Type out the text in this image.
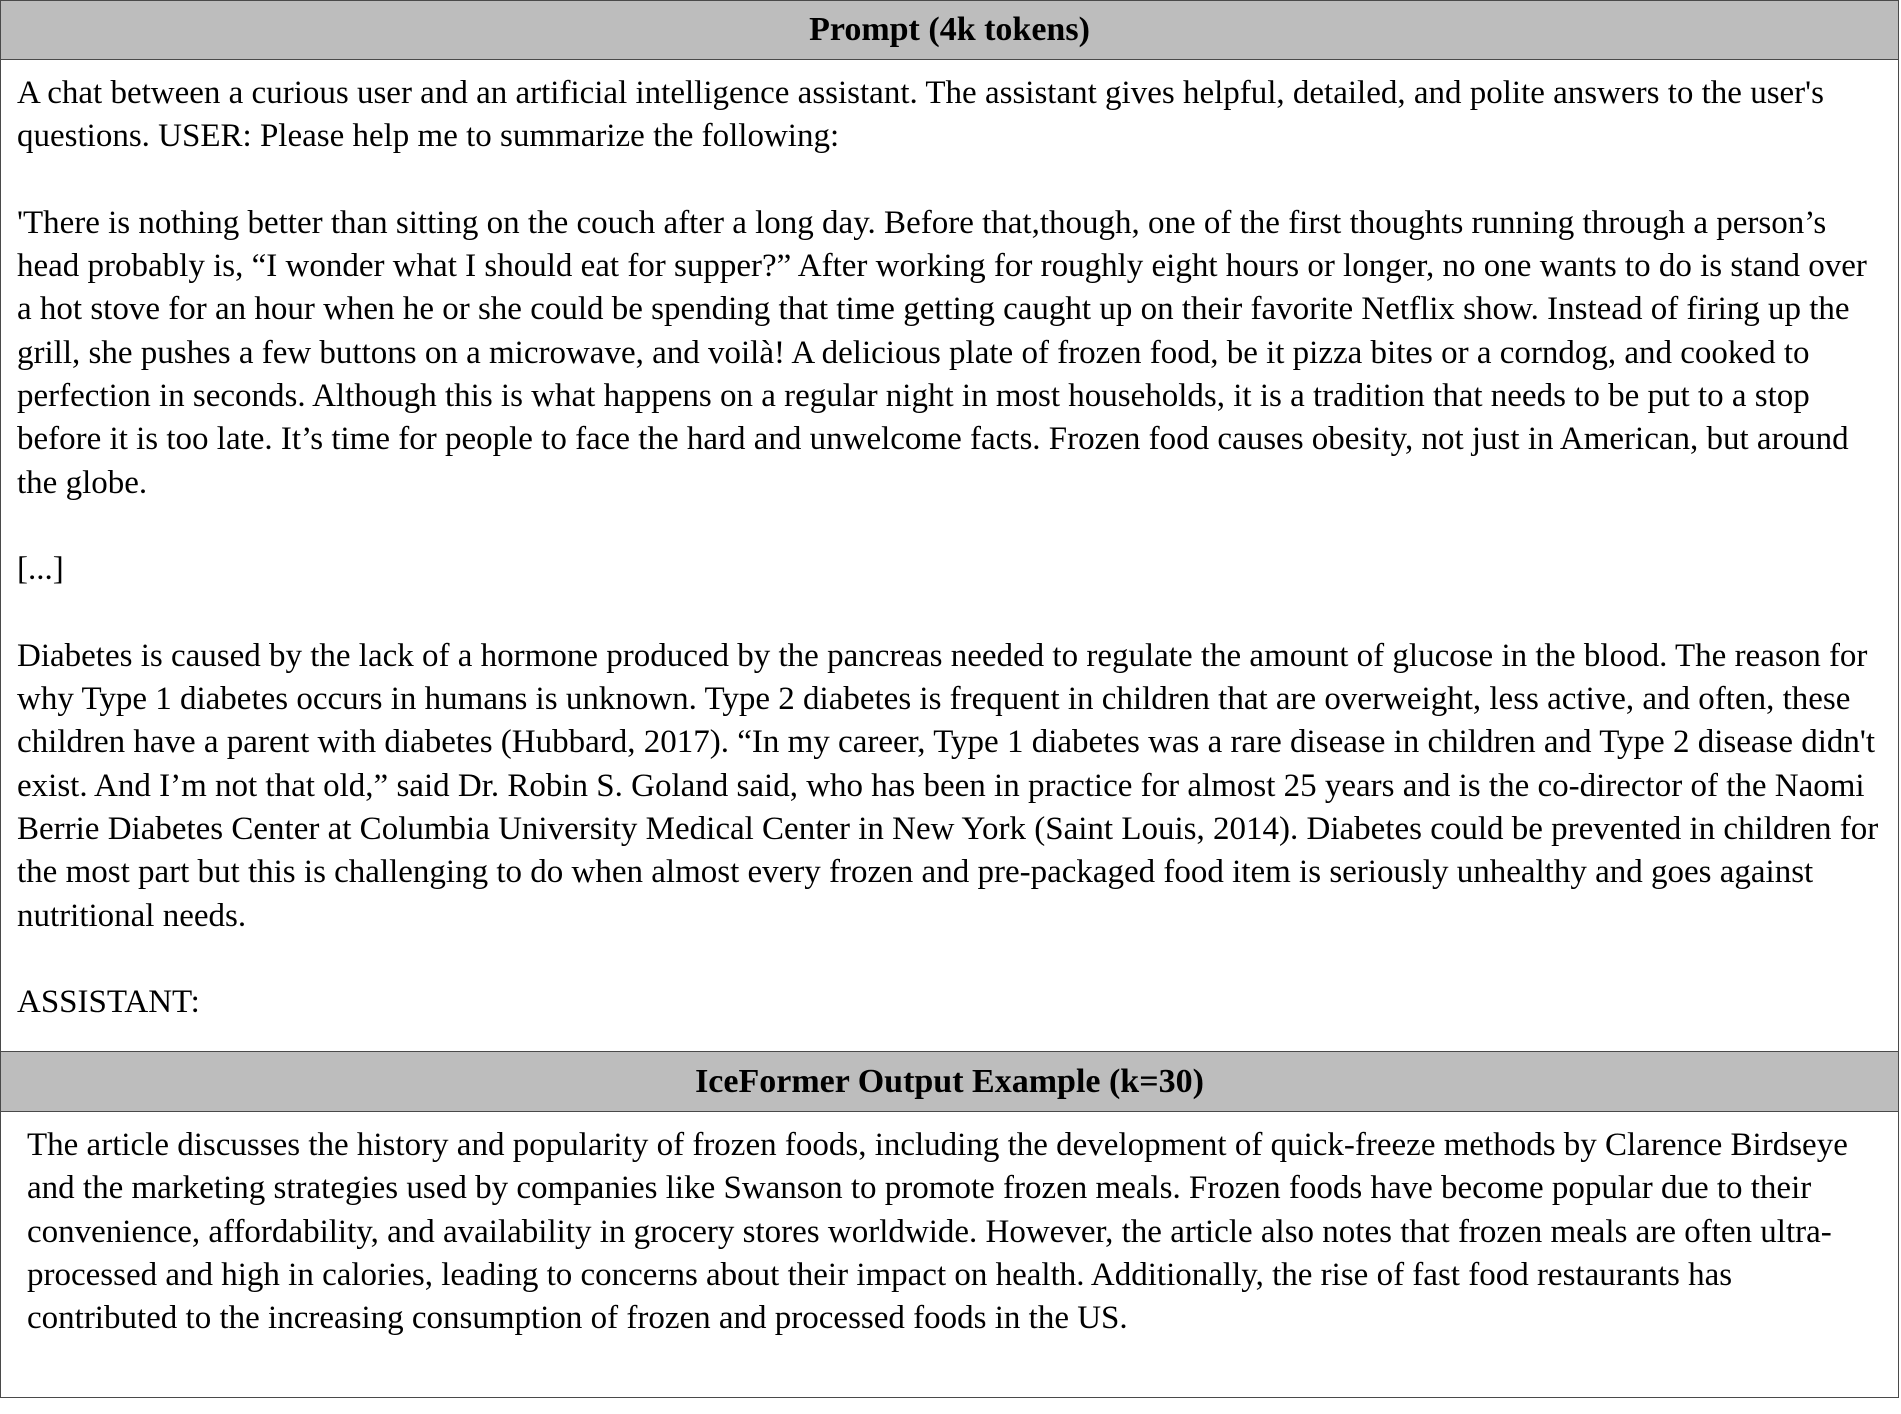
Prompt (4k tokens)

A chat between a curious user and an artificial intelligence assistant. The assistant gives helpful, detailed, and polite answers to the user's questions. USER: Please help me to summarize the following:

'There is nothing better than sitting on the couch after a long day. Before that,though, one of the first thoughts running through a person’s head probably is, “I wonder what I should eat for supper?” After working for roughly eight hours or longer, no one wants to do is stand over a hot stove for an hour when he or she could be spending that time getting caught up on their favorite Netflix show. Instead of firing up the grill, she pushes a few buttons on a microwave, and voilà! A delicious plate of frozen food, be it pizza bites or a corndog, and cooked to perfection in seconds. Although this is what happens on a regular night in most households, it is a tradition that needs to be put to a stop before it is too late. It’s time for people to face the hard and unwelcome facts. Frozen food causes obesity, not just in American, but around the globe.

[...]

Diabetes is caused by the lack of a hormone produced by the pancreas needed to regulate the amount of glucose in the blood. The reason for why Type 1 diabetes occurs in humans is unknown. Type 2 diabetes is frequent in children that are overweight, less active, and often, these children have a parent with diabetes (Hubbard, 2017). “In my career, Type 1 diabetes was a rare disease in children and Type 2 disease didn't exist. And I’m not that old,” said Dr. Robin S. Goland said, who has been in practice for almost 25 years and is the co-director of the Naomi Berrie Diabetes Center at Columbia University Medical Center in New York (Saint Louis, 2014). Diabetes could be prevented in children for the most part but this is challenging to do when almost every frozen and pre-packaged food item is seriously unhealthy and goes against nutritional needs.

ASSISTANT:

IceFormer Output Example (k=30)

The article discusses the history and popularity of frozen foods, including the development of quick-freeze methods by Clarence Birdseye and the marketing strategies used by companies like Swanson to promote frozen meals. Frozen foods have become popular due to their convenience, affordability, and availability in grocery stores worldwide. However, the article also notes that frozen meals are often ultra-processed and high in calories, leading to concerns about their impact on health. Additionally, the rise of fast food restaurants has contributed to the increasing consumption of frozen and processed foods in the US.
